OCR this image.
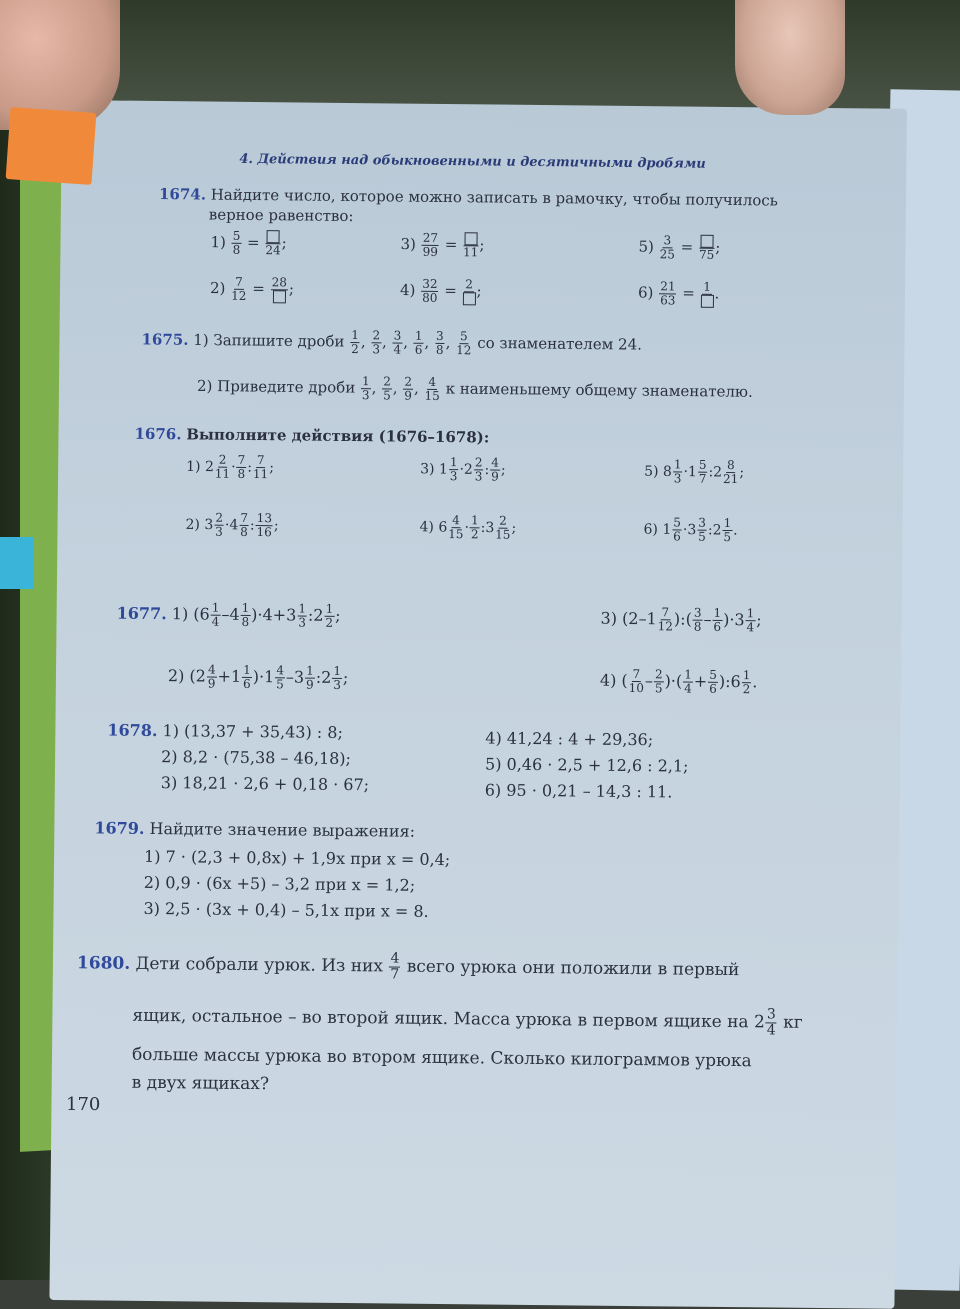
4. Действия над обыкновенными и десятичными дробями
1674. Найдите число, которое можно записать в рамочку, чтобы получилось
верное равенство:
$1) \frac{5}{8} = 24$ ;
$2) \frac{7}{12} = 28$ ;
$3) \frac{27}{99} = 11$ ;
$4) \frac{32}{80} = 2$ ;
$5) \frac{3}{25} = 75$ ;
$6) \frac{21}{63} = 1$ .
1675. 1) Запишите дроби $\frac{1}{2}$ , $\frac{2}{3}$ , $\frac{3}{4}$ , $\frac{1}{6}$ , $\frac{3}{8}$ , $\frac{5}{12}$ со знаменателем 24.
2) Приведите дроби $\frac{1}{3}$ , $\frac{2}{5}$ , $\frac{2}{9}$ , $\frac{4}{15}$ к наименьшему общему знаменателю.
1676. Выполните действия (1676–1678):
1) $2 \frac{2}{11} \cdot \frac{7}{8}$ : $\frac{7}{11}$ ;
2) $3 \frac{2}{3} \cdot 4 \frac{7}{8}$ : $\frac{13}{16}$ ;
3) $1 \frac{1}{3} \cdot 2 \frac{2}{3}$ : $\frac{4}{9}$ ;
4) $6 \frac{4}{15} \cdot \frac{1}{2}$ :3 $\frac{2}{15}$ ;
5) $8 \frac{1}{3} \cdot 1 \frac{5}{7}$ :2 $\frac{8}{21}$ ;
6) $1 \frac{5}{6} \cdot 3 \frac{3}{5}$ :2 $\frac{1}{5}$ .
1677. 1) $(6 \frac{1}{4} -4 \frac{1}{8} )\cdot 4+3 \frac{1}{3}$ :2 $\frac{1}{2}$ ;
2) $(2 \frac{4}{9} +1 \frac{1}{6} )\cdot 1 \frac{4}{5} -3 \frac{1}{9}$ :2 $\frac{1}{3}$ ;
3) ($2-1 \frac{7}{12}$ ):( $\frac{3}{8} - \frac{1}{6} )\cdot 3 \frac{1}{4}$ ;
4) ( $\frac{7}{10} - \frac{2}{5}$ )·( $\frac{1}{4} + \frac{5}{6}$ ):6 $\frac{1}{2}$ .
1678. 1) (13,37 + 35,43) : 8;
2) 8,2 · (75,38 – 46,18);
3) 18,21 · 2,6 + 0,18 · 67;
4) 41,24 : 4 + 29,36;
5) 0,46 · 2,5 + 12,6 : 2,1;
6) 95 · 0,21 – 14,3 : 11.
1679. Найдите значение выражения:
1) 7 · (2,3 + 0,8x) + 1,9x при x = 0,4;
2) 0,9 · (6x +5) – 3,2 при x = 1,2;
3) 2,5 · (3x + 0,4) – 5,1x при x = 8.
1680. Дети собрали урюк. Из них $\frac{4}{7}$ всего урюка они положили в первый
ящик, остальное – во второй ящик. Масса урюка в первом ящике на $2 \frac{3}{4}$ кг
больше массы урюка во втором ящике. Сколько килограммов урюка
в двух ящиках?
170
